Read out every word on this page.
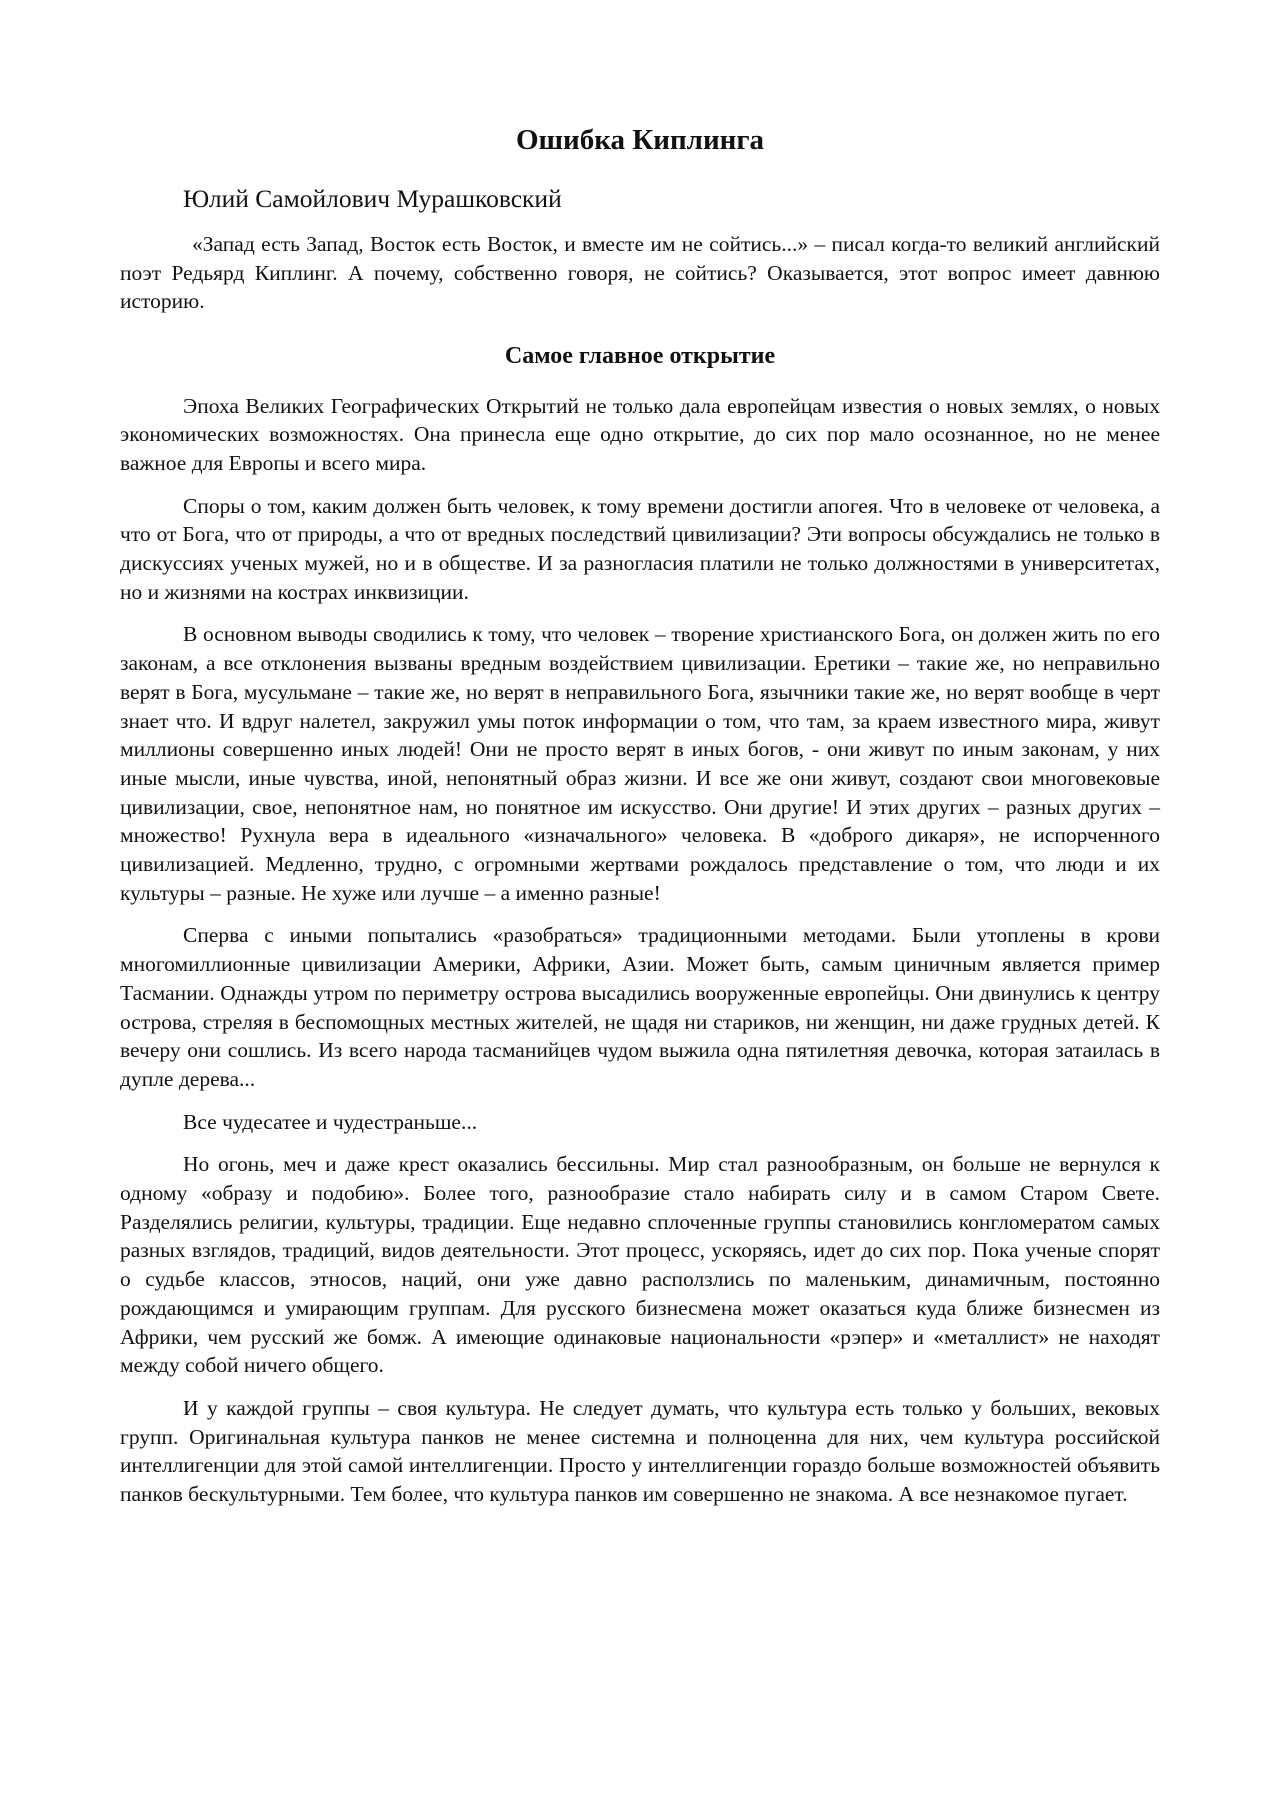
Ошибка Киплинга
Юлий Самойлович Мурашковский

«Запад есть Запад, Восток есть Восток, и вместе им не сойтись...» – писал когда-то великий английский поэт Редьярд Киплинг. А почему, собственно говоря, не сойтись? Оказывается, этот вопрос имеет давнюю историю.

Самое главное открытие

Эпоха Великих Географических Открытий не только дала европейцам известия о новых землях, о новых экономических возможностях. Она принесла еще одно открытие, до сих пор мало осознанное, но не менее важное для Европы и всего мира.

Споры о том, каким должен быть человек, к тому времени достигли апогея. Что в человеке от человека, а что от Бога, что от природы, а что от вредных последствий цивилизации? Эти вопросы обсуждались не только в дискуссиях ученых мужей, но и в обществе. И за разногласия платили не только должностями в университетах, но и жизнями на кострах инквизиции.

В основном выводы сводились к тому, что человек – творение христианского Бога, он должен жить по его законам, а все отклонения вызваны вредным воздействием цивилизации. Еретики – такие же, но неправильно верят в Бога, мусульмане – такие же, но верят в неправильного Бога, язычники такие же, но верят вообще в черт знает что. И вдруг налетел, закружил умы поток информации о том, что там, за краем известного мира, живут миллионы совершенно иных людей! Они не просто верят в иных богов, - они живут по иным законам, у них иные мысли, иные чувства, иной, непонятный образ жизни. И все же они живут, создают свои многовековые цивилизации, свое, непонятное нам, но понятное им искусство. Они другие! И этих других – разных других – множество! Рухнула вера в идеального «изначального» человека. В «доброго дикаря», не испорченного цивилизацией. Медленно, трудно, с огромными жертвами рождалось представление о том, что люди и их культуры – разные. Не хуже или лучше – а именно разные!

Сперва с иными попытались «разобраться» традиционными методами. Были утоплены в крови многомиллионные цивилизации Америки, Африки, Азии. Может быть, самым циничным является пример Тасмании. Однажды утром по периметру острова высадились вооруженные европейцы. Они двинулись к центру острова, стреляя в беспомощных местных жителей, не щадя ни стариков, ни женщин, ни даже грудных детей. К вечеру они сошлись. Из всего народа тасманийцев чудом выжила одна пятилетняя девочка, которая затаилась в дупле дерева...

Все чудесатее и чудестраньше...

Но огонь, меч и даже крест оказались бессильны. Мир стал разнообразным, он больше не вернулся к одному «образу и подобию». Более того, разнообразие стало набирать силу и в самом Старом Свете. Разделялись религии, культуры, традиции. Еще недавно сплоченные группы становились конгломератом самых разных взглядов, традиций, видов деятельности. Этот процесс, ускоряясь, идет до сих пор. Пока ученые спорят о судьбе классов, этносов, наций, они уже давно расползлись по маленьким, динамичным, постоянно рождающимся и умирающим группам. Для русского бизнесмена может оказаться куда ближе бизнесмен из Африки, чем русский же бомж. А имеющие одинаковые национальности «рэпер» и «металлист» не находят между собой ничего общего.

И у каждой группы – своя культура. Не следует думать, что культура есть только у больших, вековых групп. Оригинальная культура панков не менее системна и полноценна для них, чем культура российской интеллигенции для этой самой интеллигенции. Просто у интеллигенции гораздо больше возможностей объявить панков бескультурными. Тем более, что культура панков им совершенно не знакома. А все незнакомое пугает.
